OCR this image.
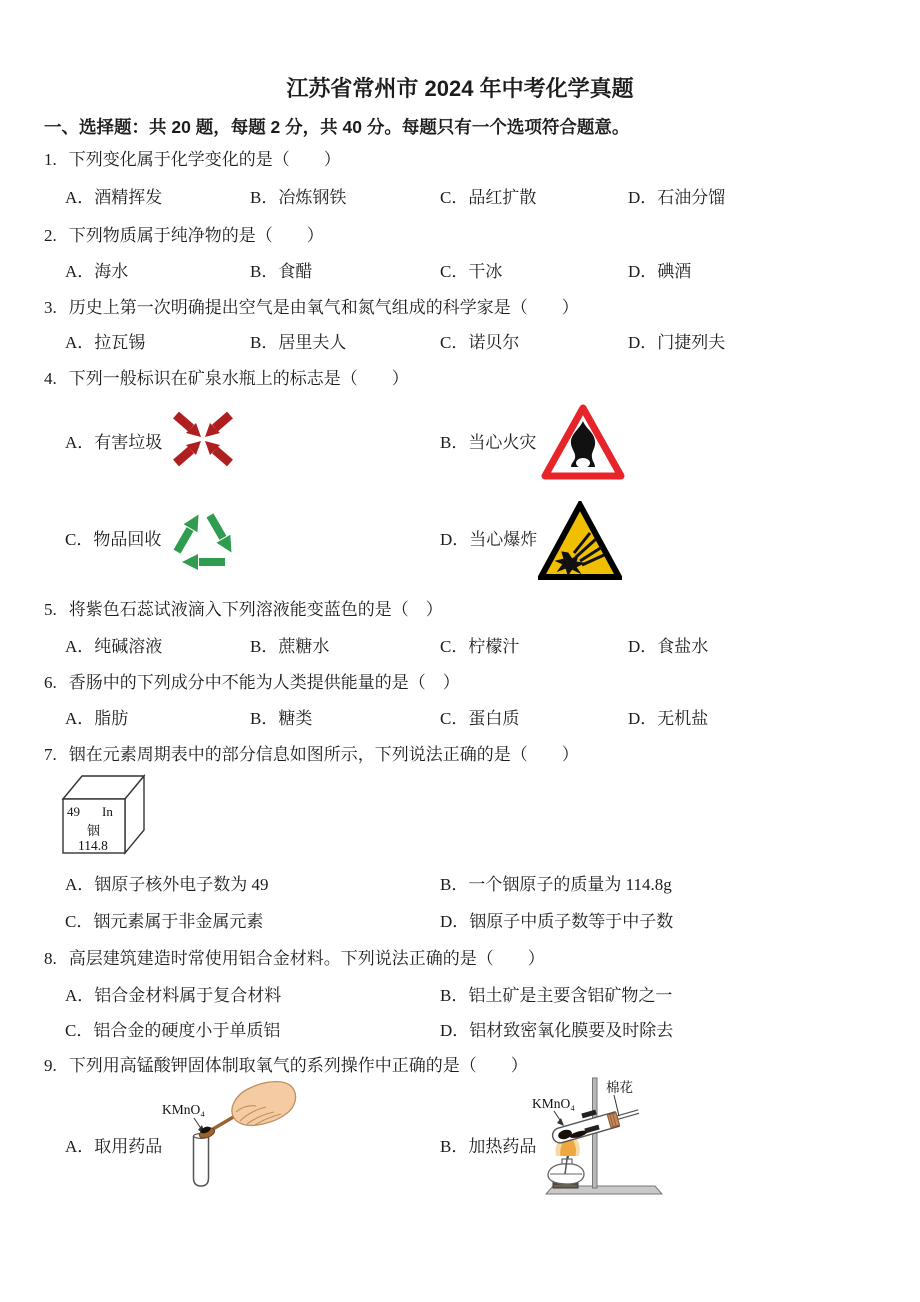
江苏省常州市 2024 年中考化学真题
一、选择题：共 20 题，每题 2 分，共 40 分。每题只有一个选项符合题意。
1. 下列变化属于化学变化的是（　　）
A．酒精挥发	B．冶炼钢铁	C．品红扩散	D．石油分馏
2. 下列物质属于纯净物的是（　　）
A．海水	B．食醋	C．干冰	D．碘酒
3. 历史上第一次明确提出空气是由氧气和氮气组成的科学家是（　　）
A．拉瓦锡	B．居里夫人	C．诺贝尔	D．门捷列夫
4. 下列一般标识在矿泉水瓶上的标志是（　　）
A．有害垃圾	B．当心火灾
C．物品回收	D．当心爆炸
5. 将紫色石蕊试液滴入下列溶液能变蓝色的是（　）
A．纯碱溶液	B．蔗糖水	C．柠檬汁	D．食盐水
6. 香肠中的下列成分中不能为人类提供能量的是（　）
A．脂肪	B．糖类	C．蛋白质	D．无机盐
7. 铟在元素周期表中的部分信息如图所示，下列说法正确的是（　　）
49 In
铟
114.8
A．铟原子核外电子数为 49	B．一个铟原子的质量为 114.8g
C．铟元素属于非金属元素	D．铟原子中质子数等于中子数
8. 高层建筑建造时常使用铝合金材料。下列说法正确的是（　　）
A．铝合金材料属于复合材料	B．铝土矿是主要含铝矿物之一
C．铝合金的硬度小于单质铝	D．铝材致密氧化膜要及时除去
9. 下列用高锰酸钾固体制取氧气的系列操作中正确的是（　　）
A．取用药品	B．加热药品
KMnO₄	KMnO₄
棉花
